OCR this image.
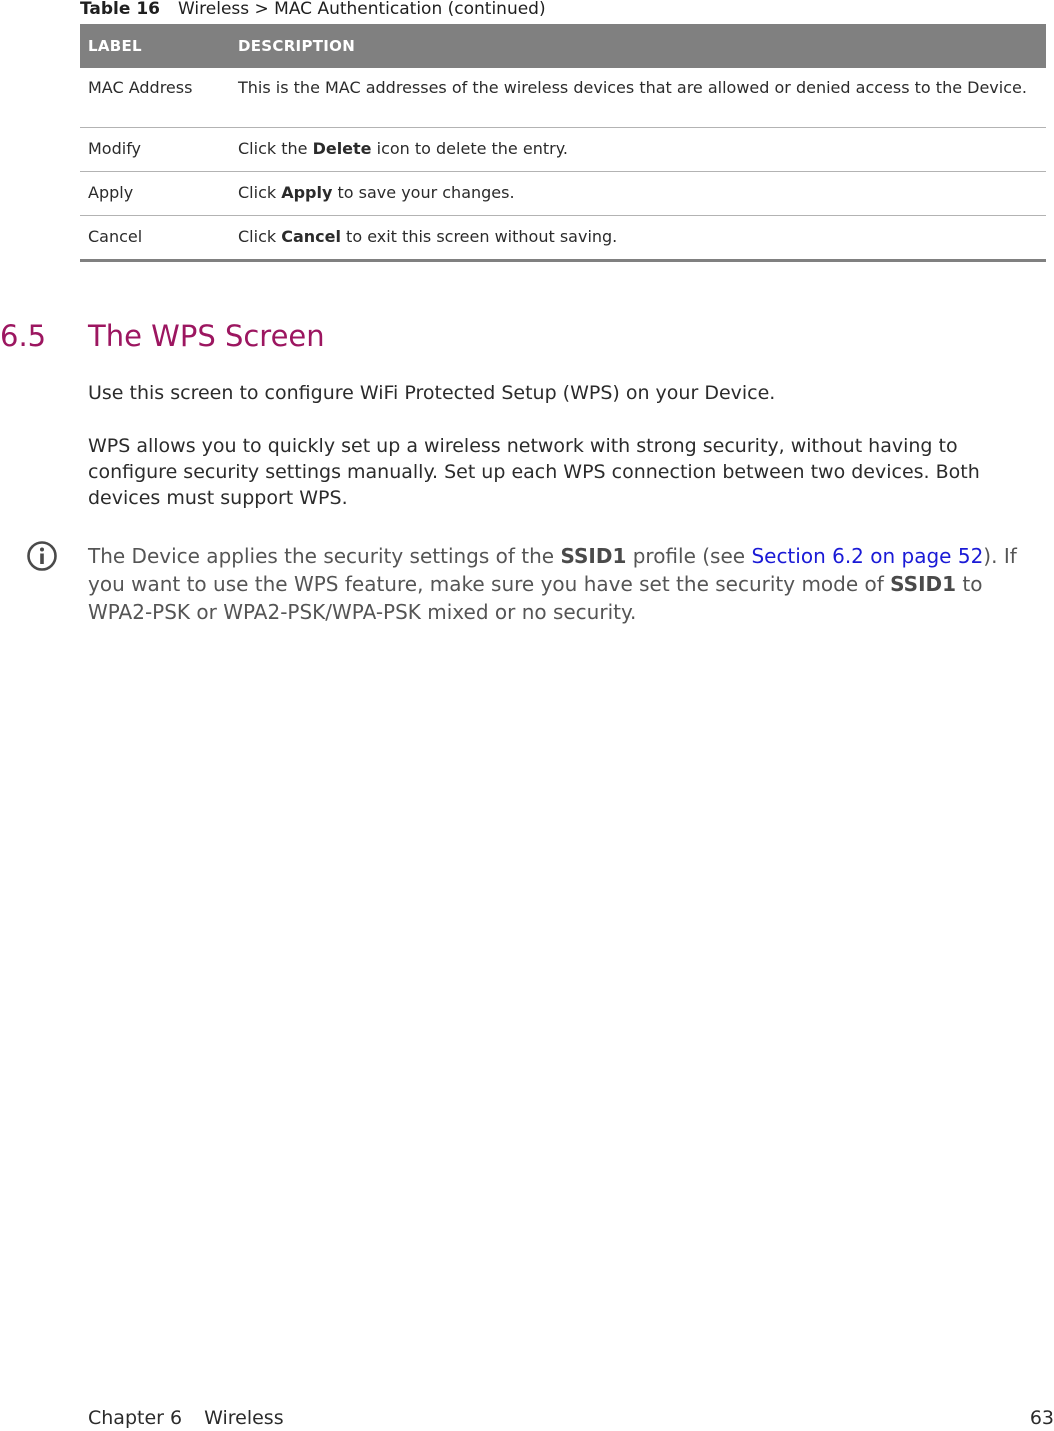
Table 16 Wireless > MAC Authentication (continued)
LABEL	DESCRIPTION
MAC Address	This is the MAC addresses of the wireless devices that are allowed or denied access to the Device.
Modify	Click the Delete icon to delete the entry.
Apply	Click Apply to save your changes.
Cancel	Click Cancel to exit this screen without saving.
6.5 The WPS Screen

Use this screen to configure WiFi Protected Setup (WPS) on your Device.

WPS allows you to quickly set up a wireless network with strong security, without having to configure security settings manually. Set up each WPS connection between two devices. Both devices must support WPS.

The Device applies the security settings of the SSID1 profile (see Section 6.2 on page 52). If you want to use the WPS feature, make sure you have set the security mode of SSID1 to WPA2-PSK or WPA2-PSK/WPA-PSK mixed or no security.

Chapter 6 Wireless	63
